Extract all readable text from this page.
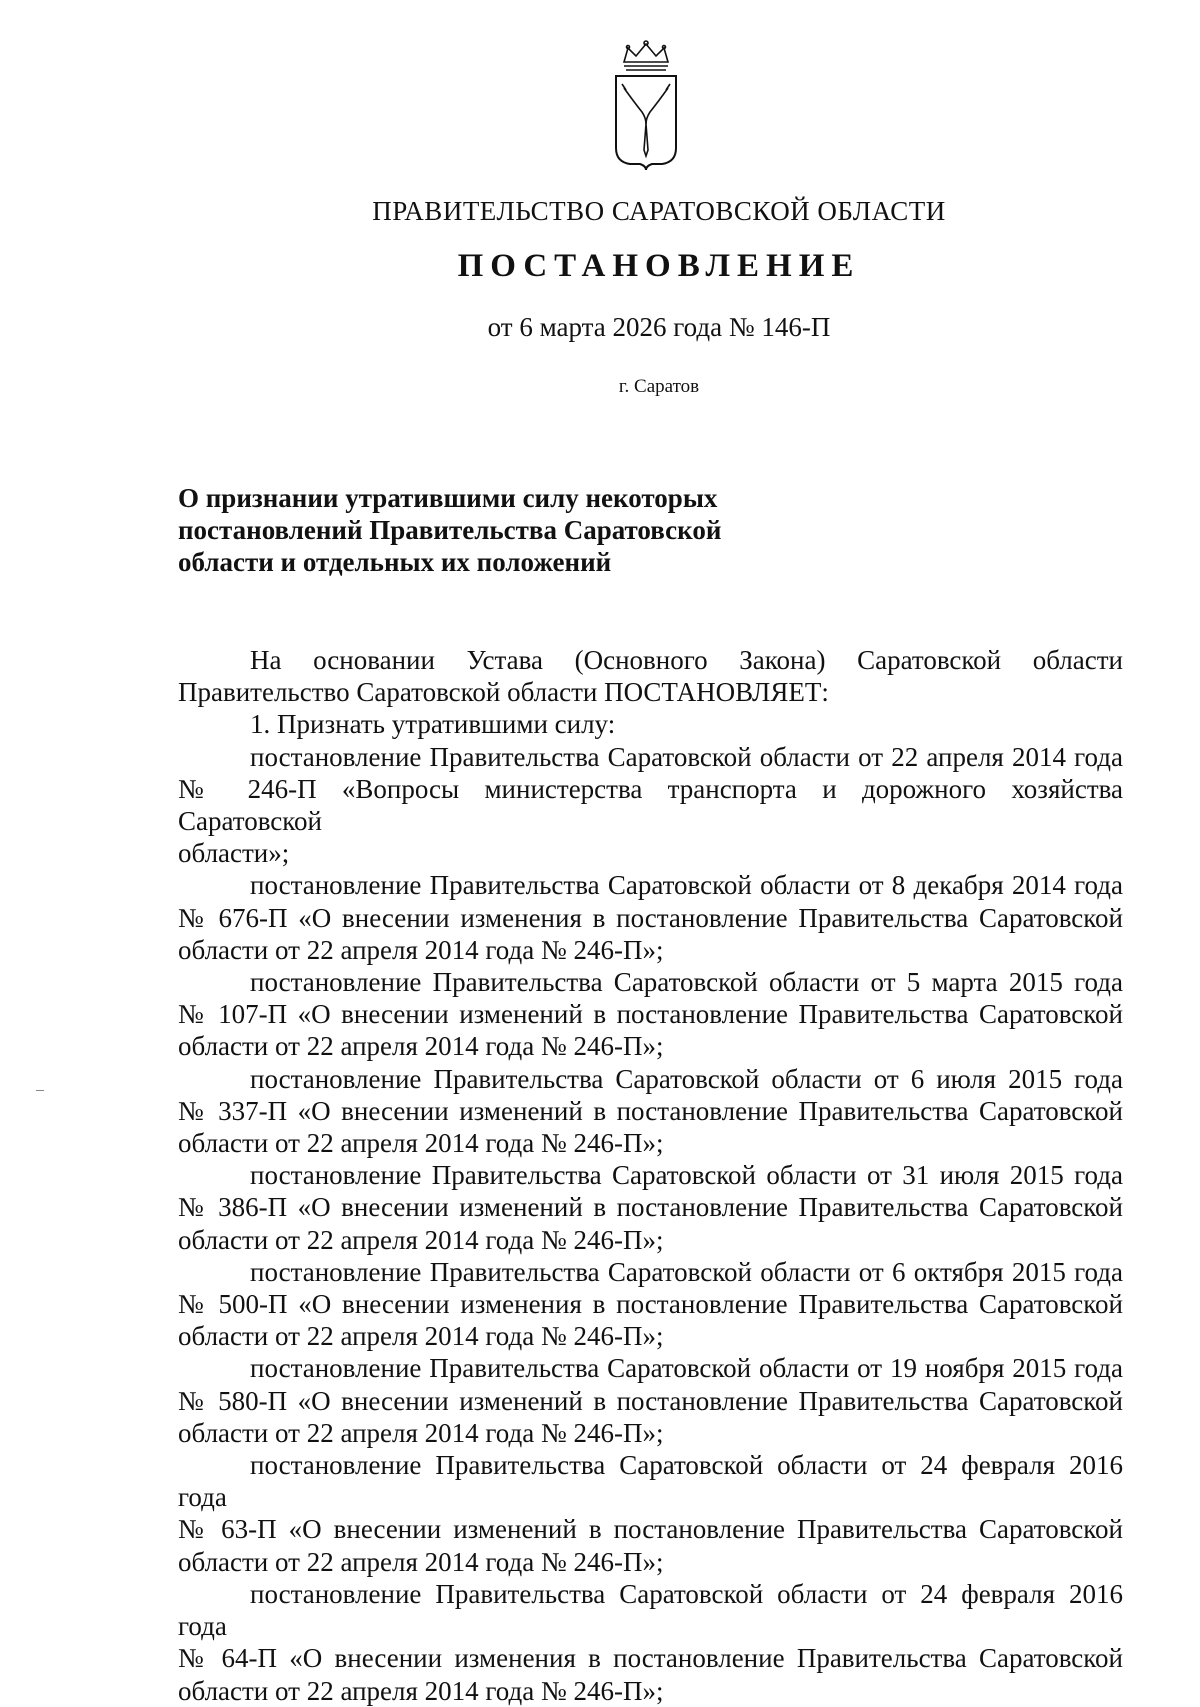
ПРАВИТЕЛЬСТВО САРАТОВСКОЙ ОБЛАСТИ
ПОСТАНОВЛЕНИЕ
от 6 марта 2026 года № 146-П
г. Саратов
О признании утратившими силу некоторых
постановлений Правительства Саратовской
области и отдельных их положений

На основании Устава (Основного Закона) Саратовской области
Правительство Саратовской области ПОСТАНОВЛЯЕТ:

1. Признать утратившими силу:

постановление Правительства Саратовской области от 22 апреля 2014 года
№ 246-П «Вопросы министерства транспорта и дорожного хозяйства Саратовской
области»;

постановление Правительства Саратовской области от 8 декабря 2014 года
№ 676-П «О внесении изменения в постановление Правительства Саратовской
области от 22 апреля 2014 года № 246-П»;

постановление Правительства Саратовской области от 5 марта 2015 года
№ 107-П «О внесении изменений в постановление Правительства Саратовской
области от 22 апреля 2014 года № 246-П»;

постановление Правительства Саратовской области от 6 июля 2015 года
№ 337-П «О внесении изменений в постановление Правительства Саратовской
области от 22 апреля 2014 года № 246-П»;

постановление Правительства Саратовской области от 31 июля 2015 года
№ 386-П «О внесении изменений в постановление Правительства Саратовской
области от 22 апреля 2014 года № 246-П»;

постановление Правительства Саратовской области от 6 октября 2015 года
№ 500-П «О внесении изменения в постановление Правительства Саратовской
области от 22 апреля 2014 года № 246-П»;

постановление Правительства Саратовской области от 19 ноября 2015 года
№ 580-П «О внесении изменений в постановление Правительства Саратовской
области от 22 апреля 2014 года № 246-П»;

постановление Правительства Саратовской области от 24 февраля 2016 года
№ 63-П «О внесении изменений в постановление Правительства Саратовской
области от 22 апреля 2014 года № 246-П»;

постановление Правительства Саратовской области от 24 февраля 2016 года
№ 64-П «О внесении изменения в постановление Правительства Саратовской
области от 22 апреля 2014 года № 246-П»;
